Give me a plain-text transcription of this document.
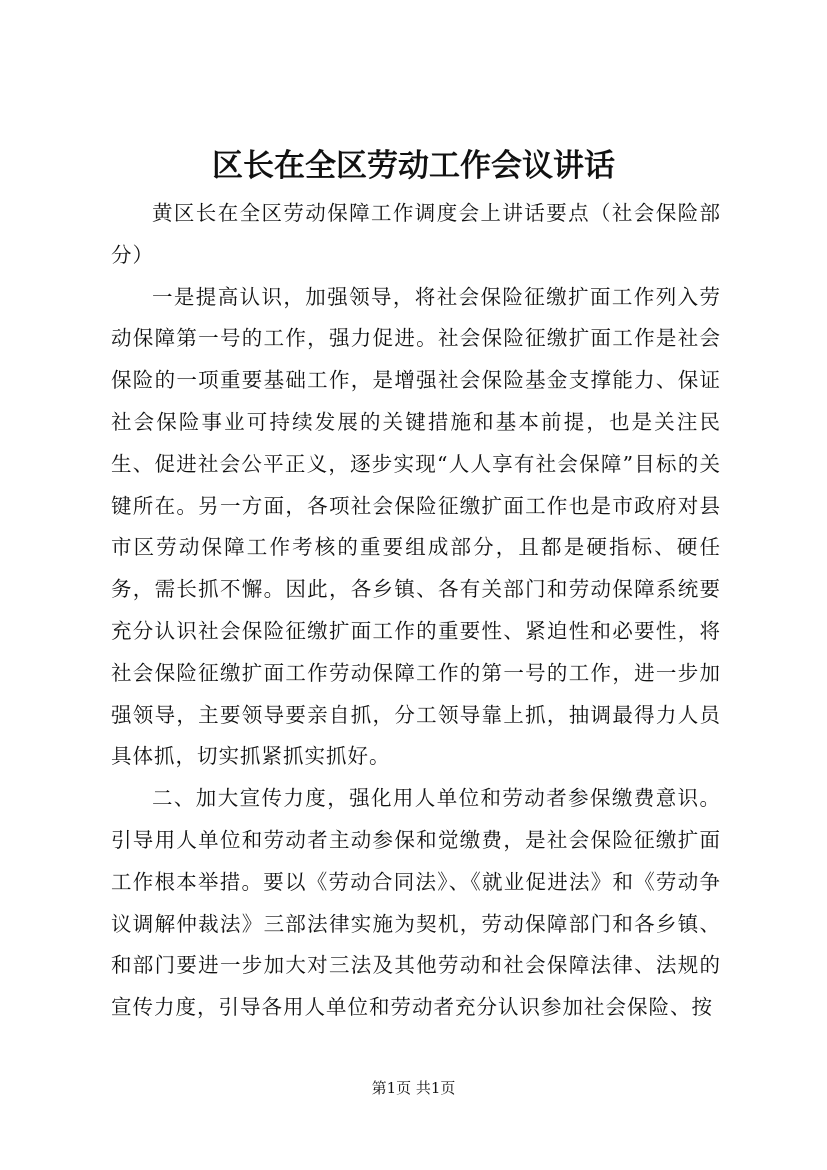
区长在全区劳动工作会议讲话

黄区长在全区劳动保障工作调度会上讲话要点（社会保险部分）

一是提高认识，加强领导，将社会保险征缴扩面工作列入劳动保障第一号的工作，强力促进。社会保险征缴扩面工作是社会保险的一项重要基础工作，是增强社会保险基金支撑能力、保证社会保险事业可持续发展的关键措施和基本前提，也是关注民生、促进社会公平正义，逐步实现“人人享有社会保障”目标的关键所在。另一方面，各项社会保险征缴扩面工作也是市政府对县市区劳动保障工作考核的重要组成部分，且都是硬指标、硬任务，需长抓不懈。因此，各乡镇、各有关部门和劳动保障系统要充分认识社会保险征缴扩面工作的重要性、紧迫性和必要性，将社会保险征缴扩面工作劳动保障工作的第一号的工作，进一步加强领导，主要领导要亲自抓，分工领导靠上抓，抽调最得力人员具体抓，切实抓紧抓实抓好。

二、加大宣传力度，强化用人单位和劳动者参保缴费意识。引导用人单位和劳动者主动参保和觉缴费，是社会保险征缴扩面工作根本举措。要以《劳动合同法》、《就业促进法》和《劳动争议调解仲裁法》三部法律实施为契机，劳动保障部门和各乡镇、和部门要进一步加大对三法及其他劳动和社会保障法律、法规的宣传力度，引导各用人单位和劳动者充分认识参加社会保险、按

第1页 共1页
